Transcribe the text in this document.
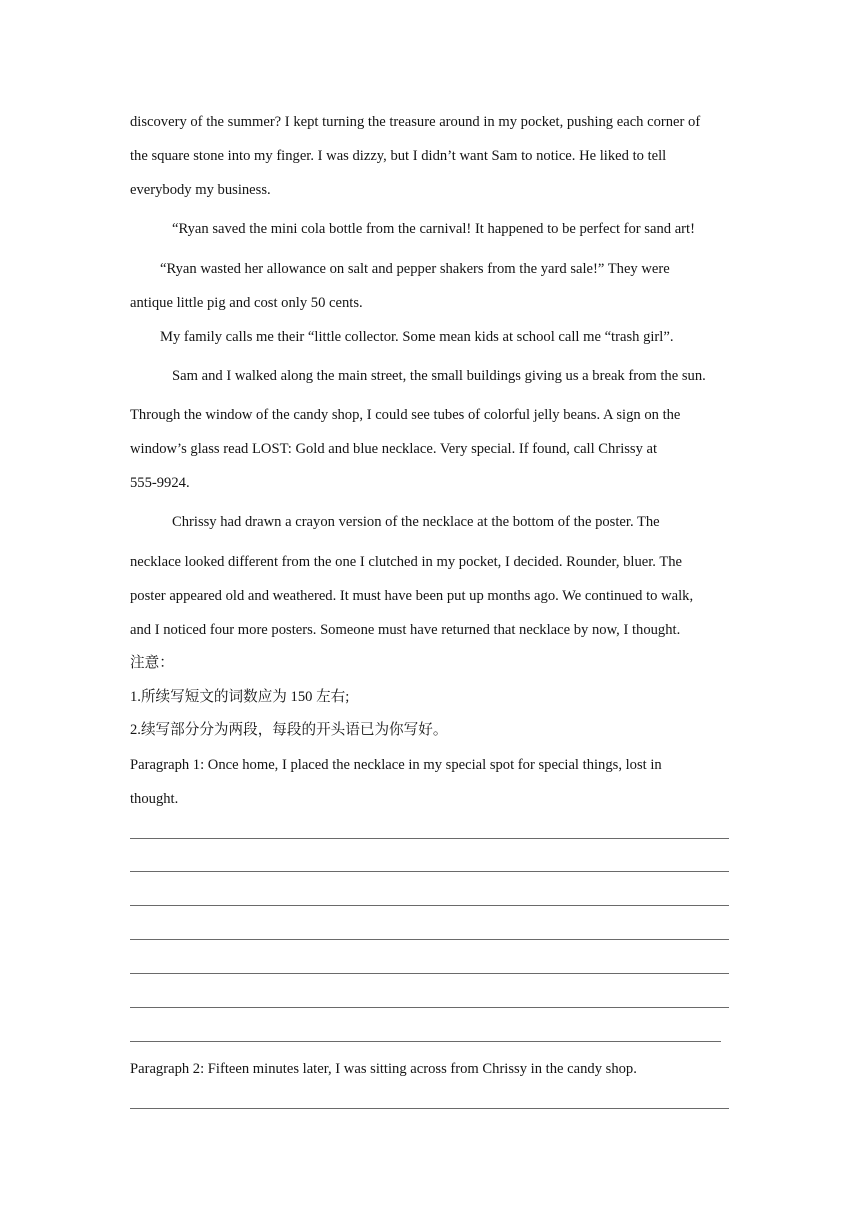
discovery of the summer? I kept turning the treasure around in my pocket, pushing each corner of
the square stone into my finger. I was dizzy, but I didn’t want Sam to notice. He liked to tell
everybody my business.
“Ryan saved the mini cola bottle from the carnival! It happened to be perfect for sand art!
“Ryan wasted her allowance on salt and pepper shakers from the yard sale!” They were
antique little pig and cost only 50 cents.
My family calls me their “little collector. Some mean kids at school call me “trash girl”.
Sam and I walked along the main street, the small buildings giving us a break from the sun.
Through the window of the candy shop, I could see tubes of colorful jelly beans. A sign on the
window’s glass read LOST: Gold and blue necklace. Very special. If found, call Chrissy at
555-9924.
Chrissy had drawn a crayon version of the necklace at the bottom of the poster. The
necklace looked different from the one I clutched in my pocket, I decided. Rounder, bluer. The
poster appeared old and weathered. It must have been put up months ago. We continued to walk,
and I noticed four more posters. Someone must have returned that necklace by now, I thought.
注意：
1.所续写短文的词数应为 150 左右;
2.续写部分分为两段，每段的开头语已为你写好。
Paragraph 1: Once home, I placed the necklace in my special spot for special things, lost in
thought.
Paragraph 2: Fifteen minutes later, I was sitting across from Chrissy in the candy shop.
